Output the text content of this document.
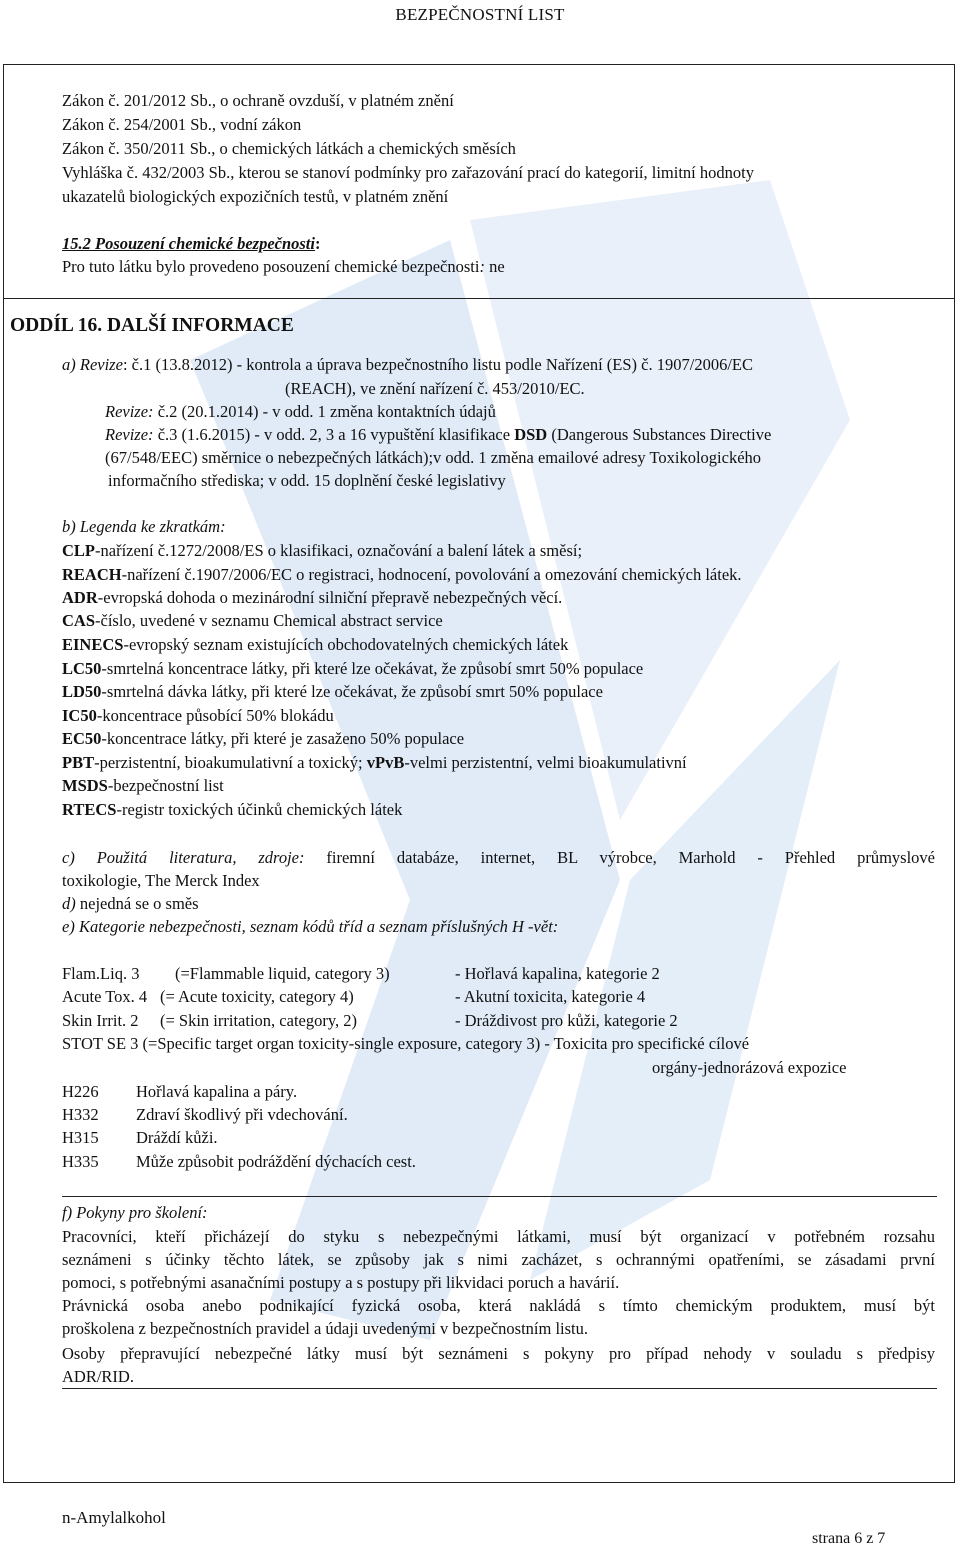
BEZPEČNOSTNÍ LIST
Zákon č. 201/2012 Sb., o ochraně ovzduší, v platném znění
Zákon č. 254/2001 Sb., vodní zákon
Zákon č. 350/2011 Sb., o chemických látkách a chemických směsích
Vyhláška č. 432/2003 Sb., kterou se stanoví podmínky pro zařazování prací do kategorií, limitní hodnoty
ukazatelů biologických expozičních testů, v platném znění
15.2 Posouzení chemické bezpečnosti:
Pro tuto látku bylo provedeno posouzení chemické bezpečnosti: ne
ODDÍL 16. DALŠÍ INFORMACE
a) Revize: č.1 (13.8.2012) - kontrola a úprava bezpečnostního listu podle Nařízení (ES) č. 1907/2006/EC
(REACH), ve znění nařízení č. 453/2010/EC.
Revize: č.2 (20.1.2014) - v odd. 1 změna kontaktních údajů
Revize: č.3 (1.6.2015) - v odd. 2, 3 a 16 vypuštění klasifikace DSD (Dangerous Substances Directive
(67/548/EEC) směrnice o nebezpečných látkách);v odd. 1 změna emailové adresy Toxikologického
informačního střediska; v odd. 15 doplnění české legislativy
b) Legenda ke zkratkám:
CLP-nařízení č.1272/2008/ES o klasifikaci, označování a balení látek a směsí;
REACH-nařízení č.1907/2006/EC o registraci, hodnocení, povolování a omezování chemických látek.
ADR-evropská dohoda o mezinárodní silniční přepravě nebezpečných věcí.
CAS-číslo, uvedené v seznamu Chemical abstract service
EINECS-evropský seznam existujících obchodovatelných chemických látek
LC50-smrtelná koncentrace látky, při které lze očekávat, že způsobí smrt 50% populace
LD50-smrtelná dávka látky, při které lze očekávat, že způsobí smrt 50% populace
IC50-koncentrace působící 50% blokádu
EC50-koncentrace látky, při které je zasaženo 50% populace
PBT-perzistentní, bioakumulativní a toxický; vPvB-velmi perzistentní, velmi bioakumulativní
MSDS-bezpečnostní list
RTECS-registr toxických účinků chemických látek
c) Použitá literatura, zdroje: firemní databáze, internet, BL výrobce, Marhold - Přehled průmyslové
toxikologie, The Merck Index
d) nejedná se o směs
e) Kategorie nebezpečnosti, seznam kódů tříd a seznam příslušných H -vět:
Flam.Liq. 3 (=Flammable liquid, category 3)	- Hořlavá kapalina, kategorie 2
Acute Tox. 4 (= Acute toxicity, category 4)	- Akutní toxicita, kategorie 4
Skin Irrit. 2 (= Skin irritation, category, 2)	- Dráždivost pro kůži, kategorie 2
STOT SE 3 (=Specific target organ toxicity-single exposure, category 3) - Toxicita pro specifické cílové
orgány-jednorázová expozice
H226 Hořlavá kapalina a páry.
H332 Zdraví škodlivý při vdechování.
H315 Dráždí kůži.
H335 Může způsobit podráždění dýchacích cest.
f) Pokyny pro školení:
Pracovníci, kteří přicházejí do styku s nebezpečnými látkami, musí být organizací v potřebném rozsahu
seznámeni s účinky těchto látek, se způsoby jak s nimi zacházet, s ochrannými opatřeními, se zásadami první
pomoci, s potřebnými asanačními postupy a s postupy při likvidaci poruch a havárií.
Právnická osoba anebo podnikající fyzická osoba, která nakládá s tímto chemickým produktem, musí být
proškolena z bezpečnostních pravidel a údaji uvedenými v bezpečnostním listu.
Osoby přepravující nebezpečné látky musí být seznámeni s pokyny pro případ nehody v souladu s předpisy
ADR/RID.
n-Amylalkohol
strana 6 z 7
